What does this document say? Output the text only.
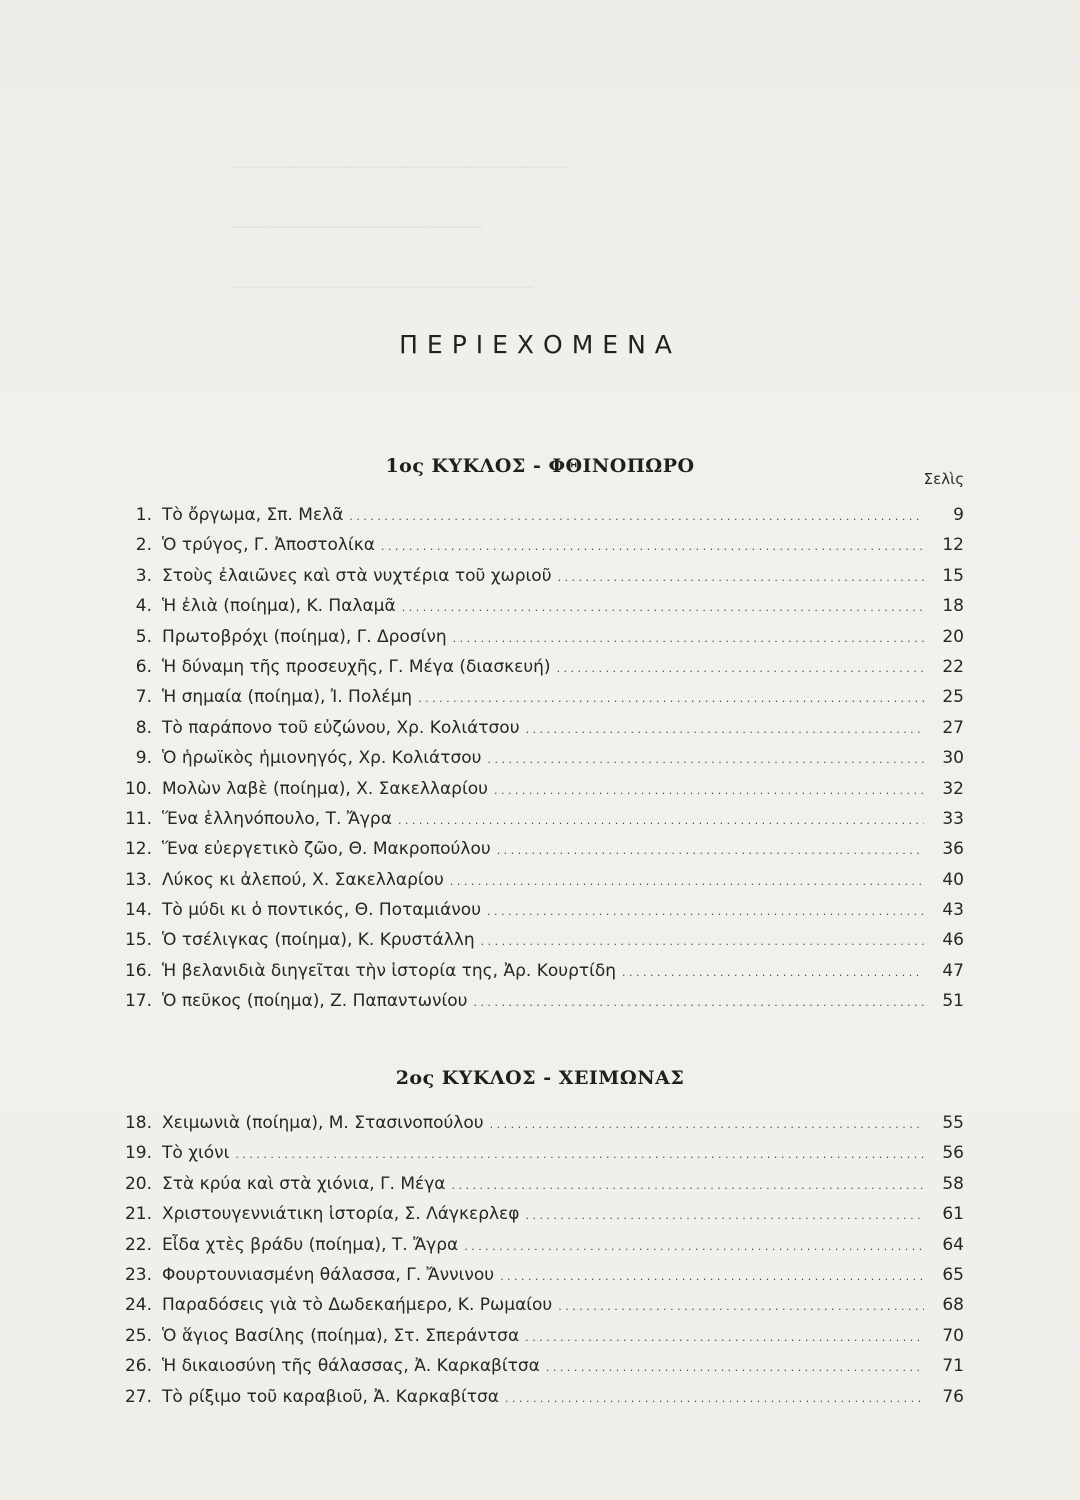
────────────────────────────────────────
──────────────────────────────
────────────────────────────────────
ΠΕΡΙΕΧΟΜΕΝΑ
1ος ΚΥΚΛΟΣ - ΦΘΙΝΟΠΩΡΟ
Σελὶς
1. Τὸ ὄργωμα, Σπ. Μελᾶ . . .	9
2. Ὁ τρύγος, Γ. Ἀποστολίκα . . .	12
3. Στοὺς ἐλαιῶνες καὶ στὰ νυχτέρια τοῦ χωριοῦ . . .	15
4. Ἡ ἐλιὰ (ποίημα), Κ. Παλαμᾶ . . .	18
5. Πρωτοβρόχι (ποίημα), Γ. Δροσίνη . . .	20
6. Ἡ δύναμη τῆς προσευχῆς, Γ. Μέγα (διασκευή) . . .	22
7. Ἡ σημαία (ποίημα), Ἰ. Πολέμη . . .	25
8. Τὸ παράπονο τοῦ εὐζώνου, Χρ. Κολιάτσου . . .	27
9. Ὁ ἡρωϊκὸς ἡμιονηγός, Χρ. Κολιάτσου . . .	30
10. Μολὼν λαβὲ (ποίημα), Χ. Σακελλαρίου . . .	32
11. Ἕνα ἑλληνόπουλο, Τ. Ἄγρα . . .	33
12. Ἕνα εὐεργετικὸ ζῶο, Θ. Μακροπούλου . . .	36
13. Λύκος κι ἀλεπού, Χ. Σακελλαρίου . . .	40
14. Τὸ μύδι κι ὁ ποντικός, Θ. Ποταμιάνου . . .	43
15. Ὁ τσέλιγκας (ποίημα), Κ. Κρυστάλλη . . .	46
16. Ἡ βελανιδιὰ διηγεῖται τὴν ἱστορία της, Ἀρ. Κουρτίδη . . .	47
17. Ὁ πεῦκος (ποίημα), Ζ. Παπαντωνίου . . .	51
2ος ΚΥΚΛΟΣ - ΧΕΙΜΩΝΑΣ
18. Χειμωνιὰ (ποίημα), Μ. Στασινοπούλου . . .	55
19. Τὸ χιόνι . . .	56
20. Στὰ κρύα καὶ στὰ χιόνια, Γ. Μέγα . . .	58
21. Χριστουγεννιάτικη ἱστορία, Σ. Λάγκερλεφ . . .	61
22. Εἶδα χτὲς βράδυ (ποίημα), Τ. Ἄγρα . . .	64
23. Φουρτουνιασμένη θάλασσα, Γ. Ἄννινου . . .	65
24. Παραδόσεις γιὰ τὸ Δωδεκαήμερο, Κ. Ρωμαίου . . .	68
25. Ὁ ἅγιος Βασίλης (ποίημα), Στ. Σπεράντσα . . .	70
26. Ἡ δικαιοσύνη τῆς θάλασσας, Ἀ. Καρκαβίτσα . . .	71
27. Τὸ ρίξιμο τοῦ καραβιοῦ, Ἀ. Καρκαβίτσα . . .	76
